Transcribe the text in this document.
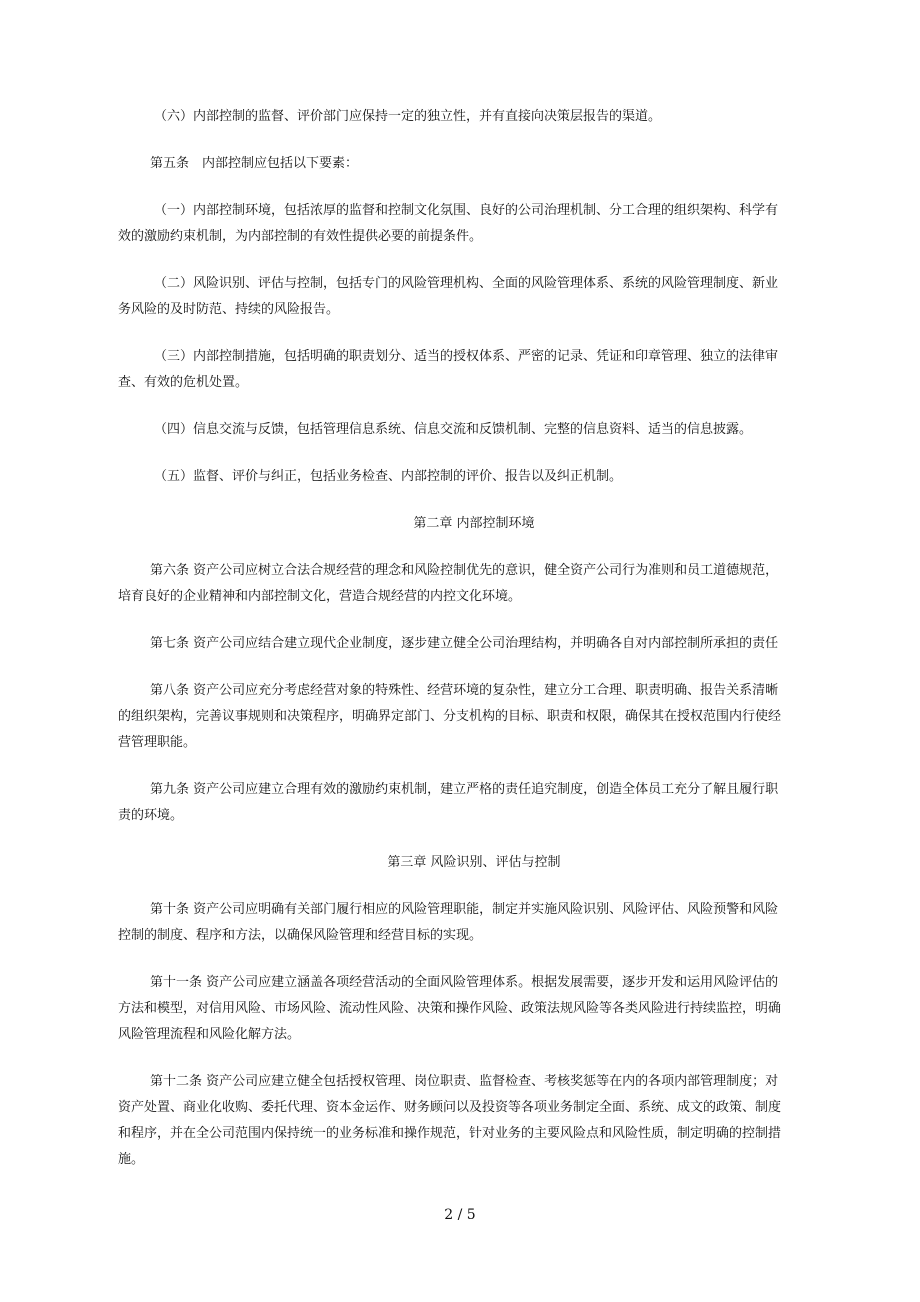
（六）内部控制的监督、评价部门应保持一定的独立性，并有直接向决策层报告的渠道。

第五条　内部控制应包括以下要素：

（一）内部控制环境，包括浓厚的监督和控制文化氛围、良好的公司治理机制、分工合理的组织架构、科学有

效的激励约束机制，为内部控制的有效性提供必要的前提条件。

（二）风险识别、评估与控制，包括专门的风险管理机构、全面的风险管理体系、系统的风险管理制度、新业

务风险的及时防范、持续的风险报告。

（三）内部控制措施，包括明确的职责划分、适当的授权体系、严密的记录、凭证和印章管理、独立的法律审

查、有效的危机处置。

（四）信息交流与反馈，包括管理信息系统、信息交流和反馈机制、完整的信息资料、适当的信息披露。

（五）监督、评价与纠正，包括业务检查、内部控制的评价、报告以及纠正机制。

第二章 内部控制环境

第六条 资产公司应树立合法合规经营的理念和风险控制优先的意识，健全资产公司行为准则和员工道德规范，

培育良好的企业精神和内部控制文化，营造合规经营的内控文化环境。

第七条 资产公司应结合建立现代企业制度，逐步建立健全公司治理结构，并明确各自对内部控制所承担的责任

第八条 资产公司应充分考虑经营对象的特殊性、经营环境的复杂性，建立分工合理、职责明确、报告关系清晰

的组织架构，完善议事规则和决策程序，明确界定部门、分支机构的目标、职责和权限，确保其在授权范围内行使经

营管理职能。

第九条 资产公司应建立合理有效的激励约束机制，建立严格的责任追究制度，创造全体员工充分了解且履行职

责的环境。

第三章 风险识别、评估与控制

第十条 资产公司应明确有关部门履行相应的风险管理职能，制定并实施风险识别、风险评估、风险预警和风险

控制的制度、程序和方法，以确保风险管理和经营目标的实现。

第十一条 资产公司应建立涵盖各项经营活动的全面风险管理体系。根据发展需要，逐步开发和运用风险评估的

方法和模型，对信用风险、市场风险、流动性风险、决策和操作风险、政策法规风险等各类风险进行持续监控，明确

风险管理流程和风险化解方法。

第十二条 资产公司应建立健全包括授权管理、岗位职责、监督检查、考核奖惩等在内的各项内部管理制度；对

资产处置、商业化收购、委托代理、资本金运作、财务顾问以及投资等各项业务制定全面、系统、成文的政策、制度

和程序，并在全公司范围内保持统一的业务标准和操作规范，针对业务的主要风险点和风险性质，制定明确的控制措

施。

2 / 5
